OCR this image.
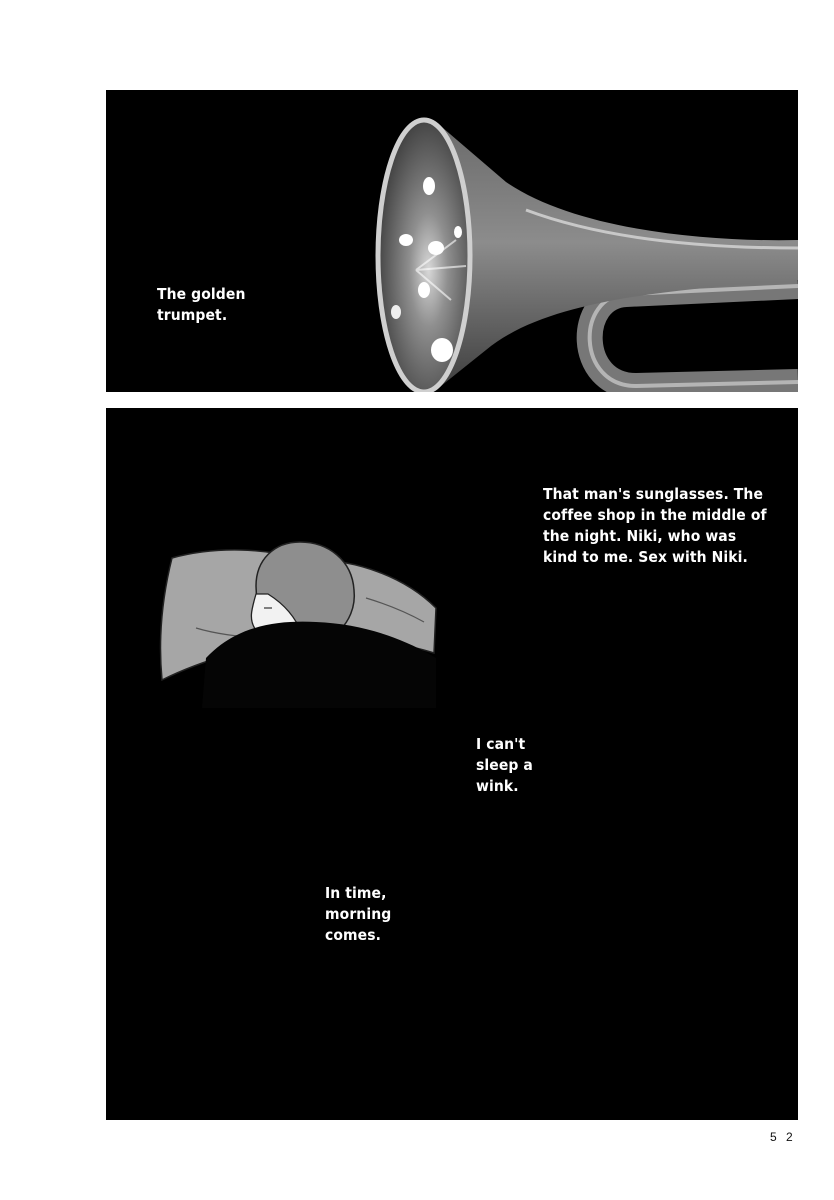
The golden
trumpet.

That man's sunglasses. The
coffee shop in the middle of
the night. Niki, who was
kind to me. Sex with Niki.

I can't
sleep a
wink.

In time,
morning
comes.

5 2
